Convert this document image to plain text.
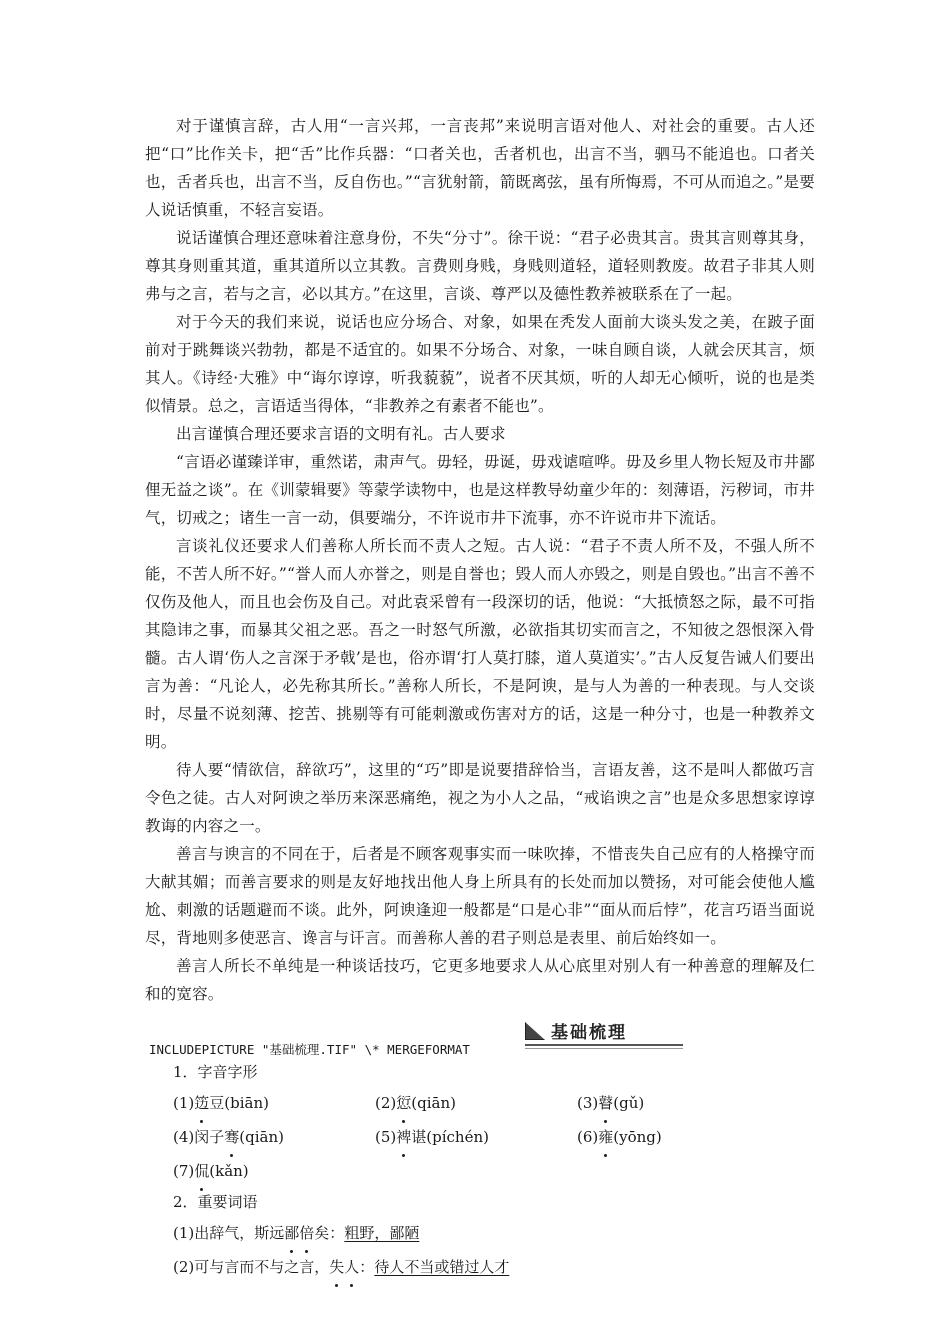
对于谨慎言辞，古人用“一言兴邦，一言丧邦”来说明言语对他人、对社会的重要。古人还把“口”比作关卡，把“舌”比作兵器：“口者关也，舌者机也，出言不当，驷马不能追也。口者关也，舌者兵也，出言不当，反自伤也。”“言犹射箭，箭既离弦，虽有所悔焉，不可从而追之。”是要人说话慎重，不轻言妄语。

说话谨慎合理还意味着注意身份，不失“分寸”。徐干说：“君子必贵其言。贵其言则尊其身，尊其身则重其道，重其道所以立其教。言费则身贱，身贱则道轻，道轻则教废。故君子非其人则弗与之言，若与之言，必以其方。”在这里，言谈、尊严以及德性教养被联系在了一起。

对于今天的我们来说，说话也应分场合、对象，如果在秃发人面前大谈头发之美，在跛子面前对于跳舞谈兴勃勃，都是不适宜的。如果不分场合、对象，一味自顾自谈，人就会厌其言，烦其人。《诗经·大雅》中“诲尔谆谆，听我藐藐”，说者不厌其烦，听的人却无心倾听，说的也是类似情景。总之，言语适当得体，“非教养之有素者不能也”。

出言谨慎合理还要求言语的文明有礼。古人要求

“言语必谨臻详审，重然诺，肃声气。毋轻，毋诞，毋戏谑喧哗。毋及乡里人物长短及市井鄙俚无益之谈”。在《训蒙辑要》等蒙学读物中，也是这样教导幼童少年的：刻薄语，污秽词，市井气，切戒之；诸生一言一动，俱要端分，不许说市井下流事，亦不许说市井下流话。

言谈礼仪还要求人们善称人所长而不责人之短。古人说：“君子不责人所不及，不强人所不能，不苦人所不好。”“誉人而人亦誉之，则是自誉也；毁人而人亦毁之，则是自毁也。”出言不善不仅伤及他人，而且也会伤及自己。对此袁采曾有一段深切的话，他说：“大抵愤怒之际，最不可指其隐讳之事，而暴其父祖之恶。吾之一时怒气所激，必欲指其切实而言之，不知彼之怨恨深入骨髓。古人谓‘伤人之言深于矛戟’是也，俗亦谓‘打人莫打膝，道人莫道实’。”古人反复告诫人们要出言为善：“凡论人，必先称其所长。”善称人所长，不是阿谀，是与人为善的一种表现。与人交谈时，尽量不说刻薄、挖苦、挑剔等有可能刺激或伤害对方的话，这是一种分寸，也是一种教养文明。

待人要“情欲信，辞欲巧”，这里的“巧”即是说要措辞恰当，言语友善，这不是叫人都做巧言令色之徒。古人对阿谀之举历来深恶痛绝，视之为小人之品，“戒谄谀之言”也是众多思想家谆谆教诲的内容之一。

善言与谀言的不同在于，后者是不顾客观事实而一味吹捧，不惜丧失自己应有的人格操守而大献其媚；而善言要求的则是友好地找出他人身上所具有的长处而加以赞扬，对可能会使他人尴尬、刺激的话题避而不谈。此外，阿谀逢迎一般都是“口是心非”“面从而后悖”，花言巧语当面说尽，背地则多使恶言、谗言与讦言。而善称人善的君子则总是表里、前后始终如一。

善言人所长不单纯是一种谈话技巧，它更多地要求人从心底里对别人有一种善意的理解及仁和的宽容。

INCLUDEPICTURE "基础梳理.TIF" \* MERGEFORMAT
基础梳理

1．字音字形

(1)笾豆(biān)	(2)愆(qiān)	(3)瞽(gǔ)
(4)闵子骞(qiān)	(5)裨谌(píchén)	(6)雍(yōng)
(7)侃(kǎn)

2．重要词语

(1)出辞气，斯远鄙倍矣：粗野，鄙陋
(2)可与言而不与之言，失人：待人不当或错过人才
